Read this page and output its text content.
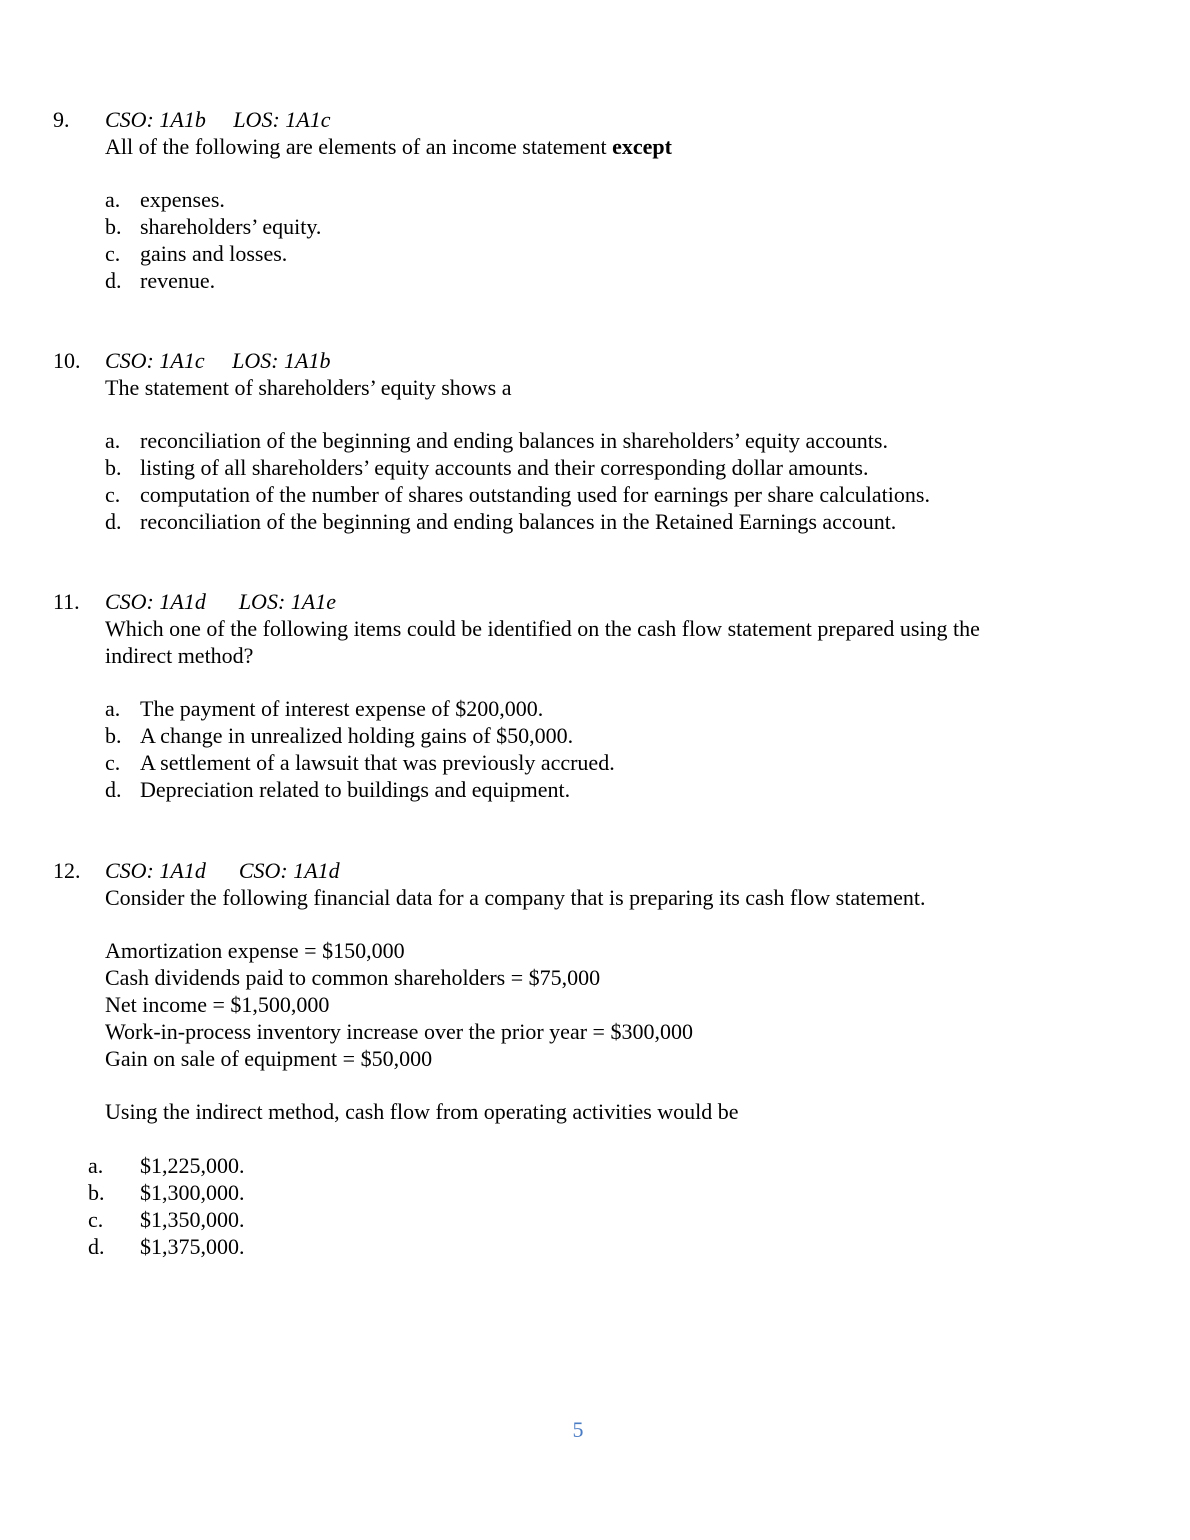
9. CSO: 1A1b     LOS: 1A1c

All of the following are elements of an income statement except

a. expenses.
b. shareholders’ equity.
c. gains and losses.
d. revenue.
10. CSO: 1A1c     LOS: 1A1b

The statement of shareholders’ equity shows a

a. reconciliation of the beginning and ending balances in shareholders’ equity accounts.
b. listing of all shareholders’ equity accounts and their corresponding dollar amounts.
c. computation of the number of shares outstanding used for earnings per share calculations.
d. reconciliation of the beginning and ending balances in the Retained Earnings account.
11. CSO: 1A1d      LOS: 1A1e

Which one of the following items could be identified on the cash flow statement prepared using the indirect method?

a. The payment of interest expense of $200,000.
b. A change in unrealized holding gains of $50,000.
c. A settlement of a lawsuit that was previously accrued.
d. Depreciation related to buildings and equipment.
12. CSO: 1A1d      CSO: 1A1d

Consider the following financial data for a company that is preparing its cash flow statement.

Amortization expense = $150,000
Cash dividends paid to common shareholders = $75,000
Net income = $1,500,000
Work-in-process inventory increase over the prior year = $300,000
Gain on sale of equipment = $50,000
Using the indirect method, cash flow from operating activities would be
a. $1,225,000.
b. $1,300,000.
c. $1,350,000.
d. $1,375,000.
5
